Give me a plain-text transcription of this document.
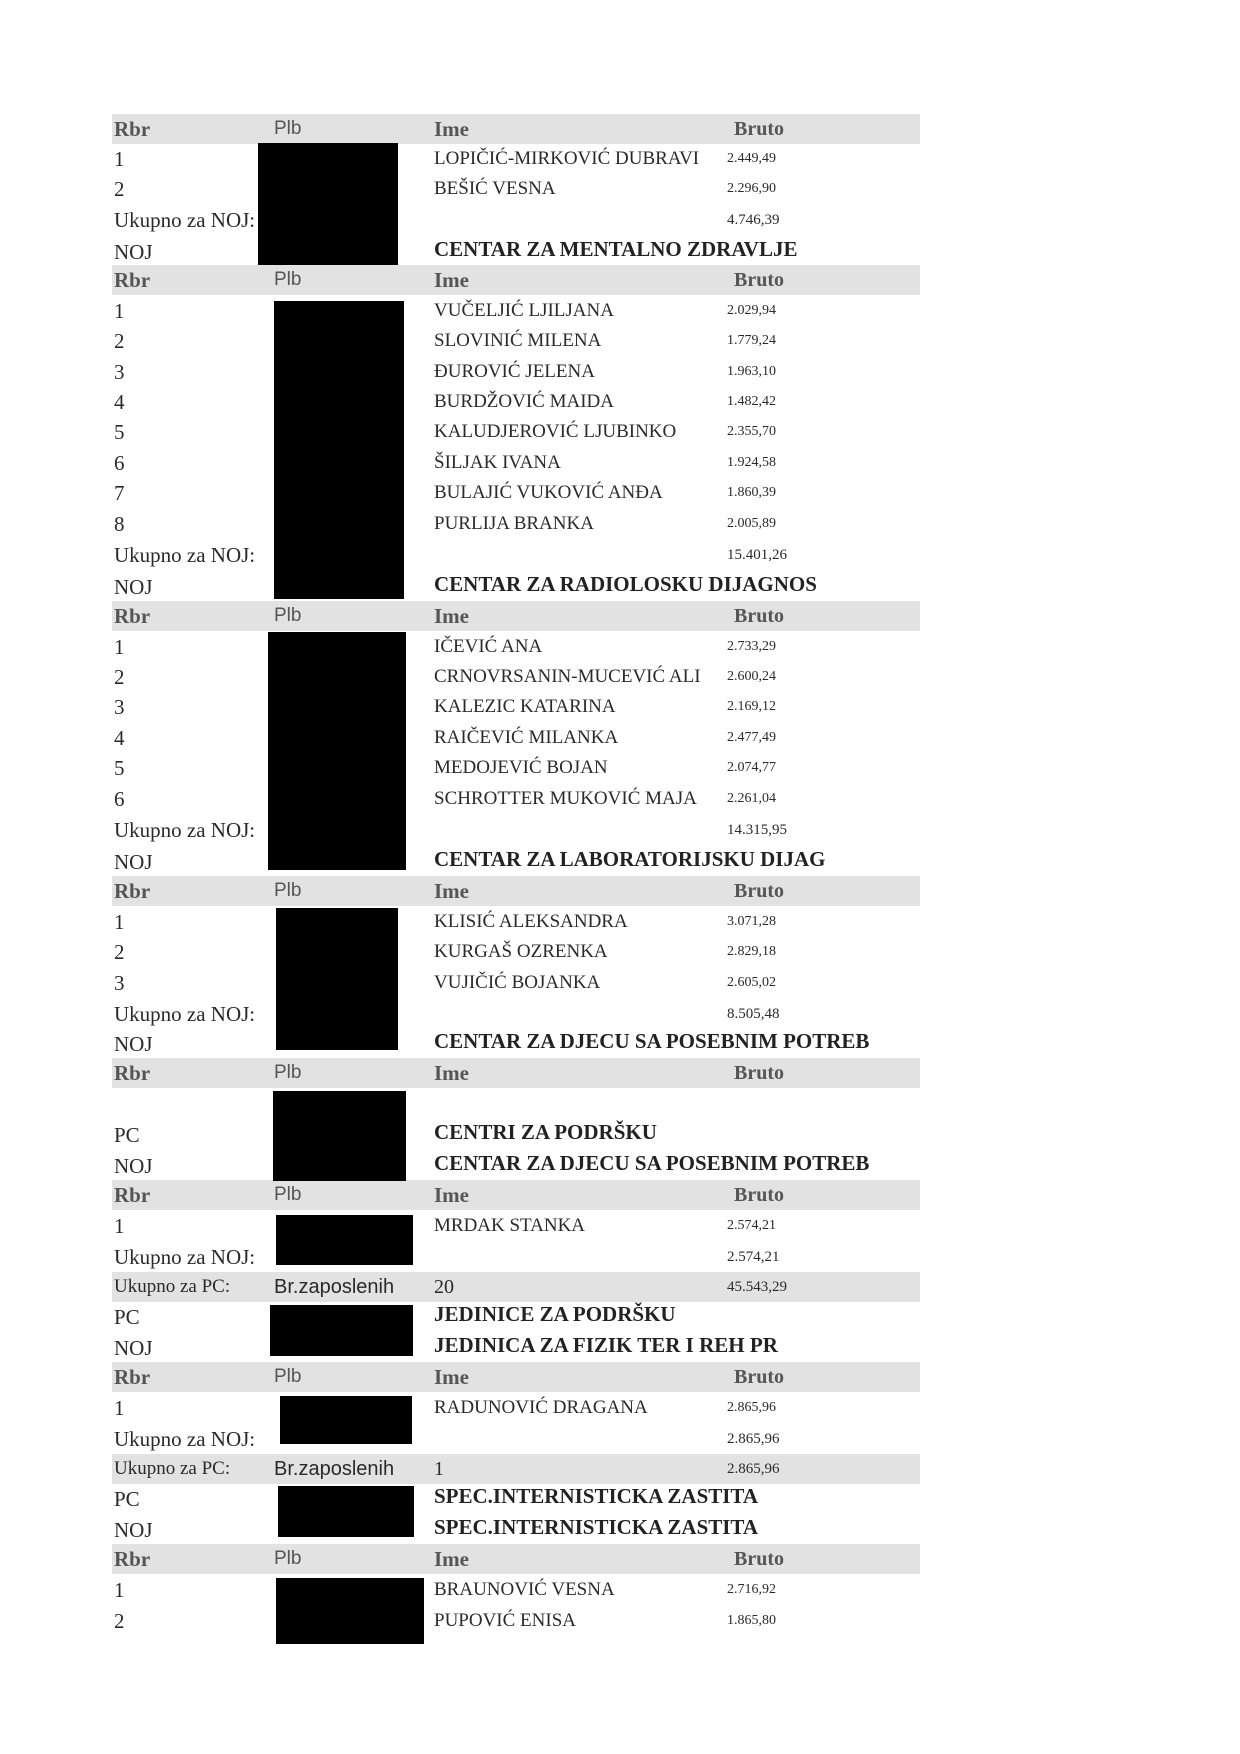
Rbr	Plb	Ime	Bruto
1	LOPIČIĆ-MIRKOVIĆ DUBRAVI	2.449,49
2	BEŠIĆ VESNA	2.296,90
Ukupno za NOJ:	4.746,39
NOJ	CENTAR ZA MENTALNO ZDRAVLJE
Rbr	Plb	Ime	Bruto
1	VUČELJIĆ LJILJANA	2.029,94
2	SLOVINIĆ MILENA	1.779,24
3	ĐUROVIĆ JELENA	1.963,10
4	BURDŽOVIĆ MAIDA	1.482,42
5	KALUDJEROVIĆ LJUBINKO	2.355,70
6	ŠILJAK IVANA	1.924,58
7	BULAJIĆ VUKOVIĆ ANĐA	1.860,39
8	PURLIJA BRANKA	2.005,89
Ukupno za NOJ:	15.401,26
NOJ	CENTAR ZA RADIOLOSKU DIJAGNOS
Rbr	Plb	Ime	Bruto
1	IČEVIĆ ANA	2.733,29
2	CRNOVRSANIN-MUCEVIĆ ALI	2.600,24
3	KALEZIC KATARINA	2.169,12
4	RAIČEVIĆ MILANKA	2.477,49
5	MEDOJEVIĆ BOJAN	2.074,77
6	SCHROTTER MUKOVIĆ MAJA	2.261,04
Ukupno za NOJ:	14.315,95
NOJ	CENTAR ZA LABORATORIJSKU DIJAG
Rbr	Plb	Ime	Bruto
1	KLISIĆ ALEKSANDRA	3.071,28
2	KURGAŠ OZRENKA	2.829,18
3	VUJIČIĆ BOJANKA	2.605,02
Ukupno za NOJ:	8.505,48
NOJ	CENTAR ZA DJECU SA POSEBNIM POTREB
Rbr	Plb	Ime	Bruto
PC	CENTRI ZA PODRŠKU
NOJ	CENTAR ZA DJECU SA POSEBNIM POTREB
Rbr	Plb	Ime	Bruto
1	MRDAK STANKA	2.574,21
Ukupno za NOJ:	2.574,21
Ukupno za PC:	Br.zaposlenih	20	45.543,29
PC	JEDINICE ZA PODRŠKU
NOJ	JEDINICA ZA FIZIK TER I REH PR
Rbr	Plb	Ime	Bruto
1	RADUNOVIĆ DRAGANA	2.865,96
Ukupno za NOJ:	2.865,96
Ukupno za PC:	Br.zaposlenih	1	2.865,96
PC	SPEC.INTERNISTICKA ZASTITA
NOJ	SPEC.INTERNISTICKA ZASTITA
Rbr	Plb	Ime	Bruto
1	BRAUNOVIĆ VESNA	2.716,92
2	PUPOVIĆ ENISA	1.865,80
